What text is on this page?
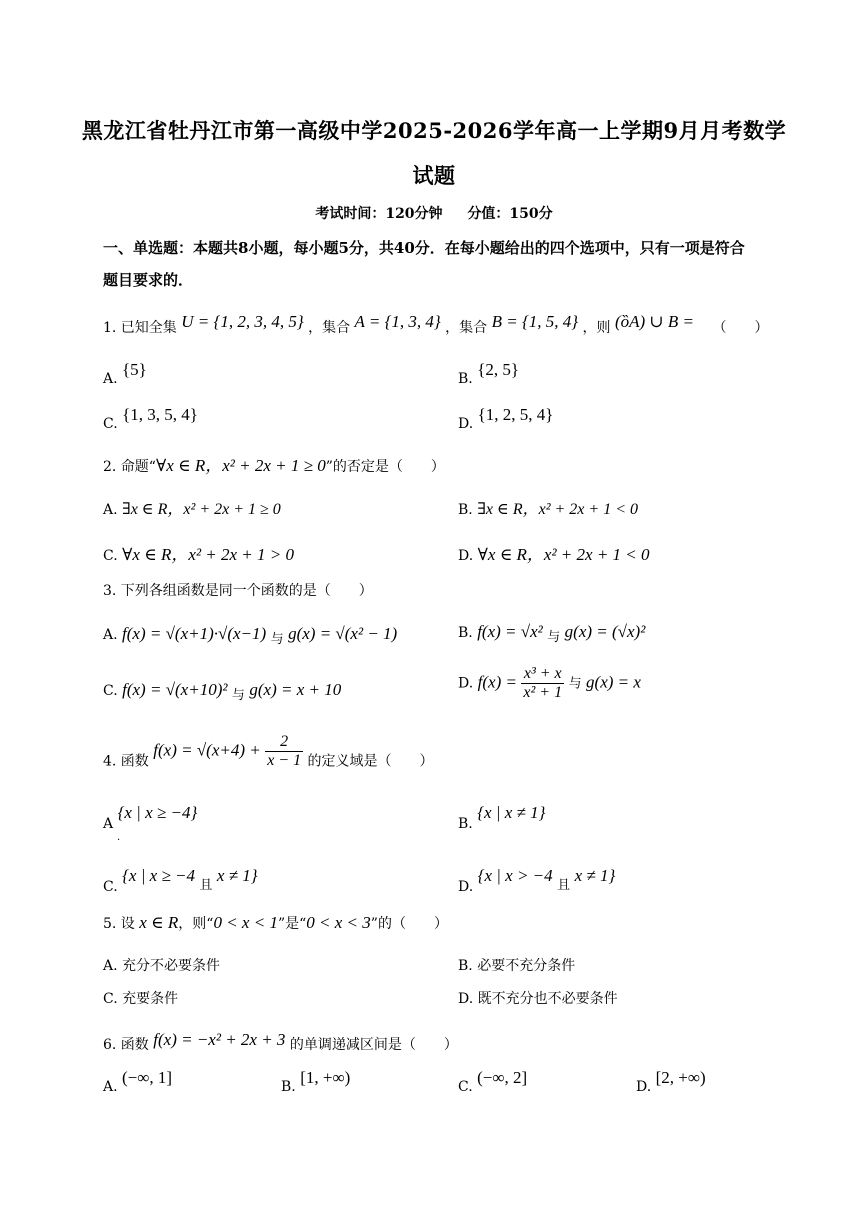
黑龙江省牡丹江市第一高级中学2025-2026学年高一上学期9月月考数学
试题
考试时间：120分钟 分值：150分
一、单选题：本题共8小题，每小题5分，共40分．在每小题给出的四个选项中，只有一项是符合
题目要求的．
1. 已知全集 U = {1, 2, 3, 4, 5} ，集合 A = {1, 3, 4} ，集合 B = {1, 5, 4} ，则 (ȍA) ∪ B = （　　）
A. {5}	B. {2, 5}
C. {1, 3, 5, 4}	D. {1, 2, 5, 4}
2. 命题“∀x ∈ R，x² + 2x + 1 ≥ 0”的否定是（　　）
A. ∃x ∈ R，x² + 2x + 1 ≥ 0	B. ∃x ∈ R，x² + 2x + 1 < 0
C. ∀x ∈ R，x² + 2x + 1 > 0	D. ∀x ∈ R，x² + 2x + 1 < 0
3. 下列各组函数是同一个函数的是（　　）
A. f(x) = √(x+1)·√(x−1) 与 g(x) = √(x² − 1)	B. f(x) = √x² 与 g(x) = (√x)²
C. f(x) = √(x+10)² 与 g(x) = x + 10	D. $f(x) = \frac{\text{x³ + x}}{\text{x² + 1}}$ 与 g(x) = x
4. 函数 $f(x) = √(x+4) + \frac{2}{x - 1}$ 的定义域是（　　）
A {x | x ≥ −4}
·
B. {x | x ≠ 1}
C. {x | x ≥ −4 且 x ≠ 1}
D. {x | x > −4 且 x ≠ 1}
5. 设 x ∈ R，则“0 < x < 1”是“0 < x < 3”的（　　）
A. 充分不必要条件	B. 必要不充分条件
C. 充要条件	D. 既不充分也不必要条件
6. 函数 f(x) = −x² + 2x + 3 的单调递减区间是（　　）
A. (−∞, 1]	B. [1, +∞)	C. (−∞, 2]	D. [2, +∞)
